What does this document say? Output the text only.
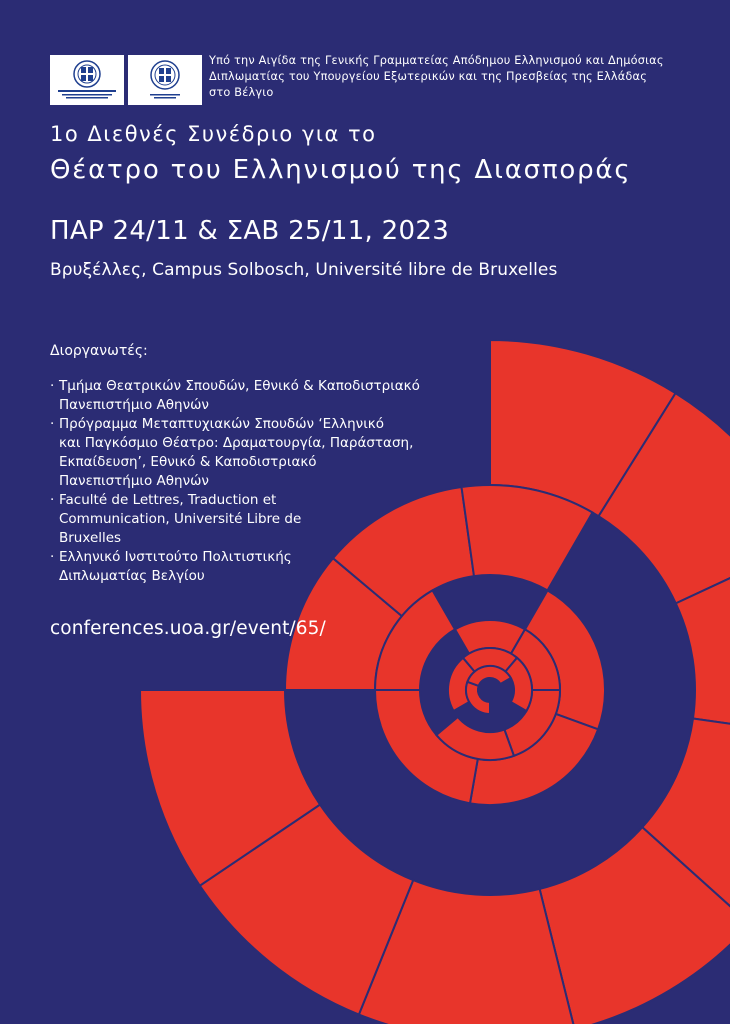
Υπό την Αιγίδα της Γενικής Γραμματείας Απόδημου Ελληνισμού και Δημόσιας Διπλωματίας του Υπουργείου Εξωτερικών και της Πρεσβείας της Ελλάδας στο Βέλγιο
1ο Διεθνές Συνέδριο για το
Θέατρο του Ελληνισμού της Διασποράς
ΠΑΡ 24/11 & ΣΑΒ 25/11, 2023
Βρυξέλλες, Campus Solbosch, Université libre de Bruxelles
Διοργανωτές:
· Τμήμα Θεατρικών Σπουδών, Εθνικό & Καποδιστριακό
Πανεπιστήμιο Αθηνών
· Πρόγραμμα Μεταπτυχιακών Σπουδών ‘Ελληνικό
και Παγκόσμιο Θέατρο: Δραματουργία, Παράσταση,
Εκπαίδευση’, Εθνικό & Καποδιστριακό
Πανεπιστήμιο Αθηνών
· Faculté de Lettres, Traduction et
Communication, Université Libre de
Bruxelles
· Ελληνικό Ινστιτούτο Πολιτιστικής
Διπλωματίας Βελγίου
conferences.uoa.gr/event/65/
